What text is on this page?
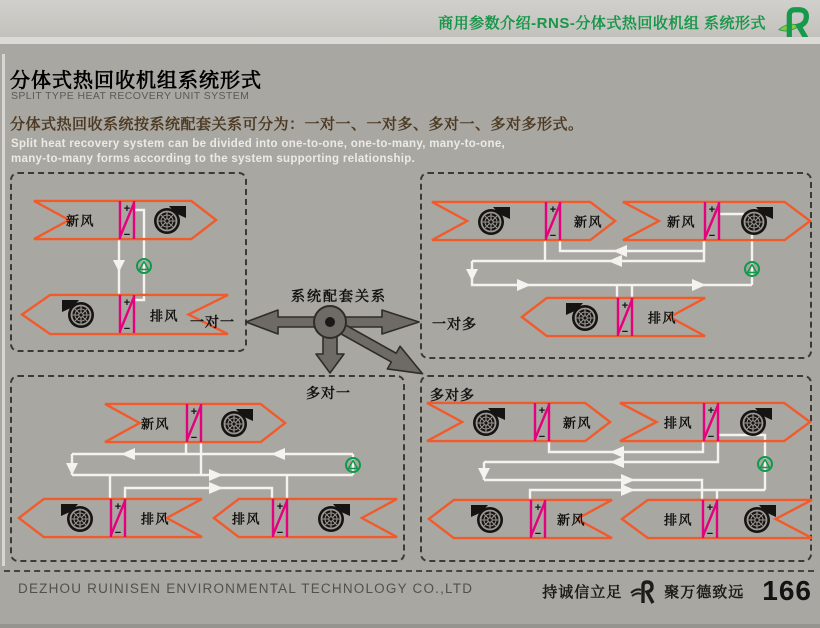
商用参数介绍-RNS-分体式热回收机组 系统形式
分体式热回收机组系统形式
SPLIT TYPE HEAT RECOVERY UNIT SYSTEM
分体式热回收系统按系统配套关系可分为：一对一、一对多、多对一、多对多形式。
Split heat recovery system can be divided into one-to-one, one-to-many, many-to-one,
many-to-many forms according to the system supporting relationship.
新风
+
−
+
−
排风 一对一
+
−
新风	新风
+
−
+
−
排风
一对多
新风
+
−
+
−
排风	排风
+
−
多对一
+
−
新风	排风
+
−
+
−
新风	排风
+
−
多对多
系统配套关系
DEZHOU RUINISEN ENVIRONMENTAL TECHNOLOGY CO.,LTD	持诚信立足	聚万德致远 166
